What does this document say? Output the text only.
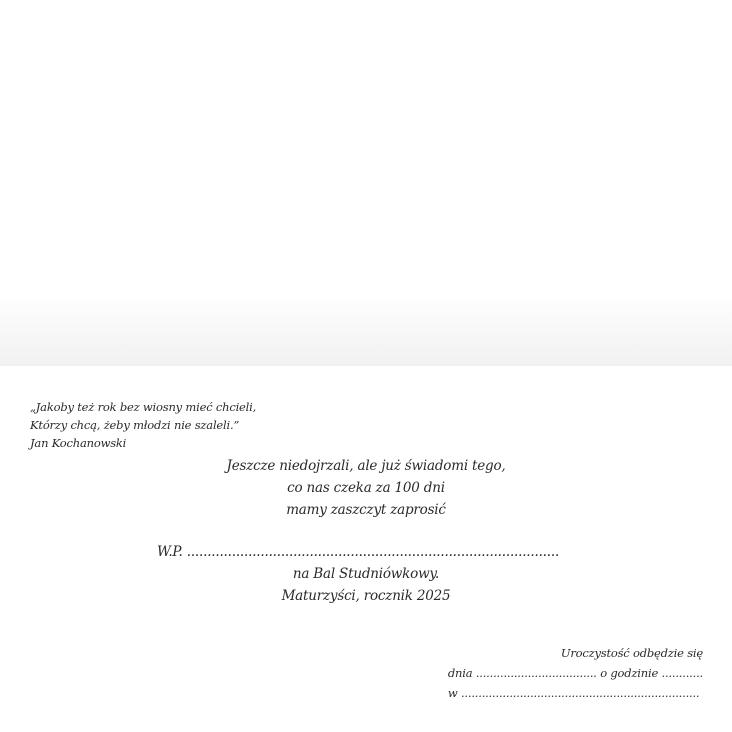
„Jakoby też rok bez wiosny mieć chcieli,
Którzy chcą, żeby młodzi nie szaleli.”
Jan Kochanowski
Jeszcze niedojrzali, ale już świadomi tego,
co nas czeka za 100 dni
mamy zaszczyt zaprosić
W.P. ...........................................................................................
na Bal Studniówkowy.
Maturzyści, rocznik 2025
Uroczystość odbędzie się
dnia ................................... o godzinie ............
w .....................................................................
